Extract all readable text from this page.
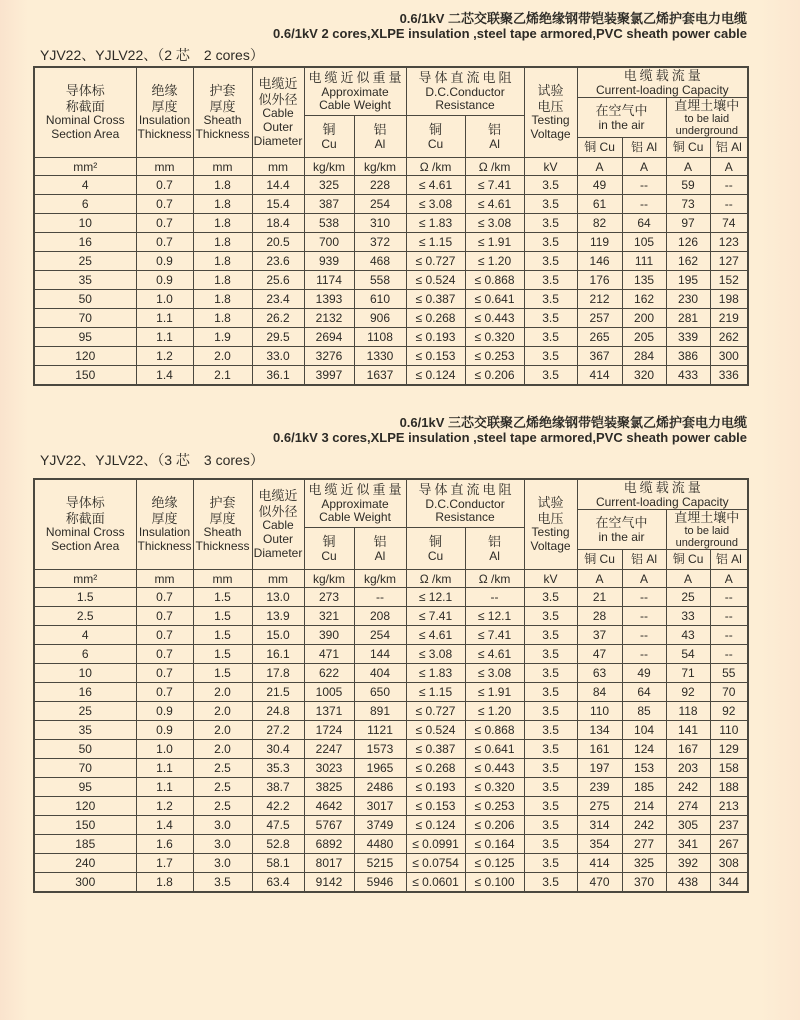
0.6/1kV 二芯交联聚乙烯绝缘钢带铠装聚氯乙烯护套电力电缆
0.6/1kV 2 cores,XLPE insulation ,steel tape armored,PVC sheath power cable
YJV22、YJLV22、（2 芯　2 cores）
导体标
称截面
Nominal Cross
Section Area

绝缘
厚度
Insulation
Thickness

护套
厚度
Sheath
Thickness

电缆近
似外径
Cable
Outer
Diameter

电缆近似重量
Approximate
Cable Weight

导体直流电阻
D.C.Conductor
Resistance

试验
电压
Testing
Voltage

电缆载流量
Current-loading Capacity

在空气中
in the air

直埋土壤中
to be laid
underground

铜
Cu

铝
Al

铜
Cu

铝
Al

									铜 Cu	铝 Al	铜 Cu	铝 Al

mm²	mm	mm	mm	kg/km	kg/km	Ω /km	Ω /km	kV	A	A	A	A
4	0.7	1.8	14.4	325	228	≤ 4.61	≤ 7.41	3.5	49	--	59	--
6	0.7	1.8	15.4	387	254	≤ 3.08	≤ 4.61	3.5	61	--	73	--
10	0.7	1.8	18.4	538	310	≤ 1.83	≤ 3.08	3.5	82	64	97	74
16	0.7	1.8	20.5	700	372	≤ 1.15	≤ 1.91	3.5	119	105	126	123
25	0.9	1.8	23.6	939	468	≤ 0.727	≤ 1.20	3.5	146	111	162	127
35	0.9	1.8	25.6	1174	558	≤ 0.524	≤ 0.868	3.5	176	135	195	152
50	1.0	1.8	23.4	1393	610	≤ 0.387	≤ 0.641	3.5	212	162	230	198
70	1.1	1.8	26.2	2132	906	≤ 0.268	≤ 0.443	3.5	257	200	281	219
95	1.1	1.9	29.5	2694	1108	≤ 0.193	≤ 0.320	3.5	265	205	339	262
120	1.2	2.0	33.0	3276	1330	≤ 0.153	≤ 0.253	3.5	367	284	386	300
150	1.4	2.1	36.1	3997	1637	≤ 0.124	≤ 0.206	3.5	414	320	433	336
0.6/1kV 三芯交联聚乙烯绝缘钢带铠装聚氯乙烯护套电力电缆
0.6/1kV 3 cores,XLPE insulation ,steel tape armored,PVC sheath power cable
YJV22、YJLV22、（3 芯　3 cores）
导体标
称截面
Nominal Cross
Section Area

绝缘
厚度
Insulation
Thickness

护套
厚度
Sheath
Thickness

电缆近
似外径
Cable
Outer
Diameter

电缆近似重量
Approximate
Cable Weight

导体直流电阻
D.C.Conductor
Resistance

试验
电压
Testing
Voltage

电缆载流量
Current-loading Capacity

在空气中
in the air

直埋土壤中
to be laid
underground

铜
Cu

铝
Al

铜
Cu

铝
Al

									铜 Cu	铝 Al	铜 Cu	铝 Al

mm²	mm	mm	mm	kg/km	kg/km	Ω /km	Ω /km	kV	A	A	A	A
1.5	0.7	1.5	13.0	273	--	≤ 12.1	--	3.5	21	--	25	--
2.5	0.7	1.5	13.9	321	208	≤ 7.41	≤ 12.1	3.5	28	--	33	--
4	0.7	1.5	15.0	390	254	≤ 4.61	≤ 7.41	3.5	37	--	43	--
6	0.7	1.5	16.1	471	144	≤ 3.08	≤ 4.61	3.5	47	--	54	--
10	0.7	1.5	17.8	622	404	≤ 1.83	≤ 3.08	3.5	63	49	71	55
16	0.7	2.0	21.5	1005	650	≤ 1.15	≤ 1.91	3.5	84	64	92	70
25	0.9	2.0	24.8	1371	891	≤ 0.727	≤ 1.20	3.5	110	85	118	92
35	0.9	2.0	27.2	1724	1121	≤ 0.524	≤ 0.868	3.5	134	104	141	110
50	1.0	2.0	30.4	2247	1573	≤ 0.387	≤ 0.641	3.5	161	124	167	129
70	1.1	2.5	35.3	3023	1965	≤ 0.268	≤ 0.443	3.5	197	153	203	158
95	1.1	2.5	38.7	3825	2486	≤ 0.193	≤ 0.320	3.5	239	185	242	188
120	1.2	2.5	42.2	4642	3017	≤ 0.153	≤ 0.253	3.5	275	214	274	213
150	1.4	3.0	47.5	5767	3749	≤ 0.124	≤ 0.206	3.5	314	242	305	237
185	1.6	3.0	52.8	6892	4480	≤ 0.0991	≤ 0.164	3.5	354	277	341	267
240	1.7	3.0	58.1	8017	5215	≤ 0.0754	≤ 0.125	3.5	414	325	392	308
300	1.8	3.5	63.4	9142	5946	≤ 0.0601	≤ 0.100	3.5	470	370	438	344
